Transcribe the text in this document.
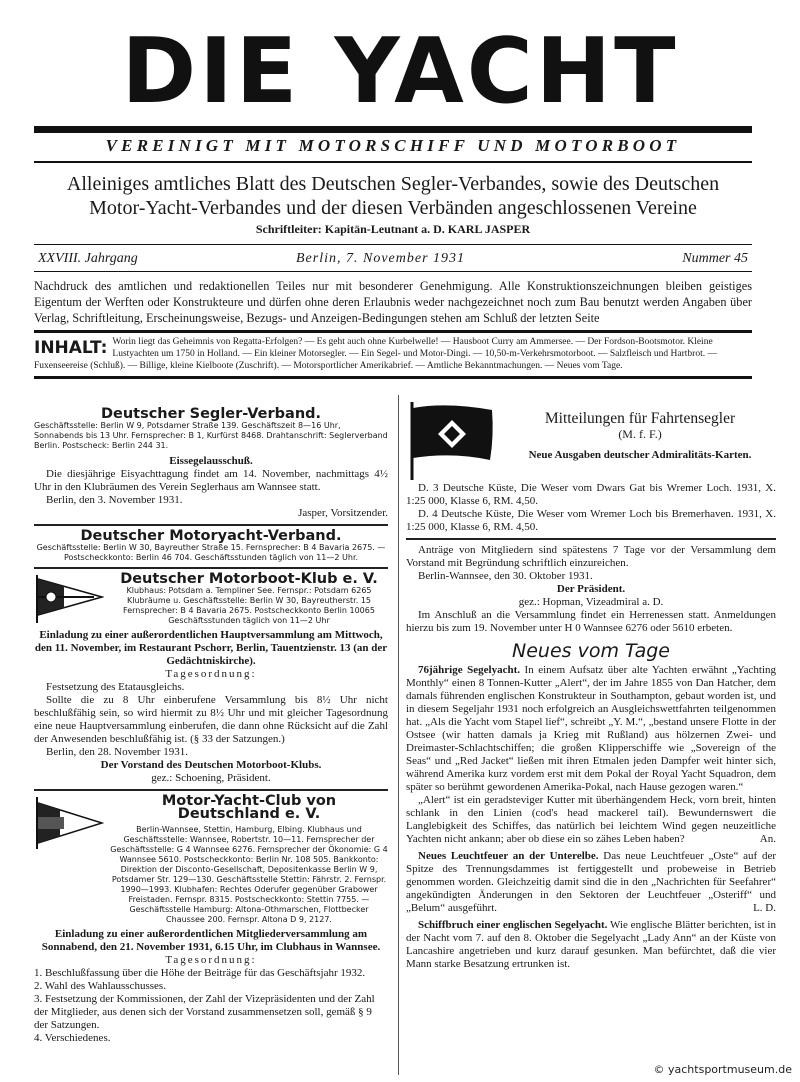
DIE YACHT
VEREINIGT MIT MOTORSCHIFF UND MOTORBOOT
Alleiniges amtliches Blatt des Deutschen Segler-Verbandes, sowie des Deutschen
Motor-Yacht-Verbandes und der diesen Verbänden angeschlossenen Vereine
Schriftleiter: Kapitän-Leutnant a. D. KARL JASPER
XXVIII. Jahrgang	Berlin, 7. November 1931	Nummer 45
Nachdruck des amtlichen und redaktionellen Teiles nur mit besonderer Genehmigung. Alle Konstruktionszeichnungen bleiben geistiges Eigentum der Werften oder Konstrukteure und dürfen ohne deren Erlaubnis weder nachgezeichnet noch zum Bau benutzt werden Angaben über Verlag, Schriftleitung, Erscheinungsweise, Bezugs- und Anzeigen-Bedingungen stehen am Schluß der letzten Seite
INHALT: Worin liegt das Geheimnis von Regatta-Erfolgen? — Es geht auch ohne Kurbelwelle! — Hausboot Curry am Ammersee. — Der Fordson-Bootsmotor. Kleine Lustyachten um 1750 in Holland. — Ein kleiner Motorsegler. — Ein Segel- und Motor-Dingi. — 10,50-m-Verkehrsmotorboot. — Salzfleisch und Hartbrot. — Fuxenseereise (Schluß). — Billige, kleine Kielboote (Zuschrift). — Motorsportlicher Amerikabrief. — Amtliche Bekanntmachungen. — Neues vom Tage.

Deutscher Segler-Verband.

Geschäftsstelle: Berlin W 9, Potsdamer Straße 139. Geschäftszeit 8—16 Uhr, Sonnabends bis 13 Uhr. Fernsprecher: B 1, Kurfürst 8468. Drahtanschrift: Seglerverband Berlin. Postscheck: Berlin 244 31.

Eissegelausschuß.

Die diesjährige Eisyachttagung findet am 14. November, nachmittags 4½ Uhr in den Klubräumen des Verein Seglerhaus am Wannsee statt.

Berlin, den 3. November 1931.

Jasper, Vorsitzender.

Deutscher Motoryacht-Verband.

Geschäftsstelle: Berlin W 30, Bayreuther Straße 15. Fernsprecher: B 4 Bavaria 2675. — Postscheckkonto: Berlin 46 704. Geschäftsstunden täglich von 11—2 Uhr.

Deutscher Motorboot-Klub e. V.

Klubhaus: Potsdam a. Templiner See. Fernspr.: Potsdam 6265 Klubräume u. Geschäftsstelle: Berlin W 30, Bayreutherstr. 15 Fernsprecher: B 4 Bavaria 2675. Postscheckkonto Berlin 10065 Geschäftsstunden täglich von 11—2 Uhr

Einladung zu einer außerordentlichen Hauptversammlung am Mittwoch, den 11. November, im Restaurant Pschorr, Berlin, Tauentzienstr. 13 (an der Gedächtniskirche).

Tagesordnung:

Festsetzung des Etatausgleichs.

Sollte die zu 8 Uhr einberufene Versammlung bis 8½ Uhr nicht beschlußfähig sein, so wird hiermit zu 8½ Uhr und mit gleicher Tagesordnung eine neue Hauptversammlung einberufen, die dann ohne Rücksicht auf die Zahl der Anwesenden beschlußfähig ist. (§ 33 der Satzungen.)

Berlin, den 28. November 1931.

Der Vorstand des Deutschen Motorboot-Klubs.

gez.: Schoening, Präsident.

Motor-Yacht-Club von Deutschland e. V.

Berlin-Wannsee, Stettin, Hamburg, Elbing. Klubhaus und Geschäftsstelle: Wannsee, Robertstr. 10—11. Fernsprecher der Geschäftsstelle: G 4 Wannsee 6276. Fernsprecher der Ökonomie: G 4 Wannsee 5610. Postscheckkonto: Berlin Nr. 108 505. Bankkonto: Direktion der Disconto-Gesellschaft, Depositenkasse Berlin W 9, Potsdamer Str. 129—130. Geschäftsstelle Stettin: Fährstr. 2. Fernspr. 1990—1993. Klubhafen: Rechtes Oderufer gegenüber Grabower Freistaden. Fernspr. 8315. Postscheckkonto: Stettin 7755. — Geschäftsstelle Hamburg: Altona-Othmarschen, Flottbecker Chaussee 200. Fernspr. Altona D 9, 2127.

Einladung zu einer außerordentlichen Mitgliederversammlung am Sonnabend, den 21. November 1931, 6.15 Uhr, im Clubhaus in Wannsee.

Tagesordnung:

1. Beschlußfassung über die Höhe der Beiträge für das Geschäftsjahr 1932.

2. Wahl des Wahlausschusses.

3. Festsetzung der Kommissionen, der Zahl der Vizepräsidenten und der Zahl der Mitglieder, aus denen sich der Vorstand zusammensetzen soll, gemäß § 9 der Satzungen.

4. Verschiedenes.

Mitteilungen für Fahrtensegler

(M. f. F.)

Neue Ausgaben deutscher Admiralitäts-Karten.

D. 3 Deutsche Küste, Die Weser vom Dwars Gat bis Wremer Loch. 1931, X. 1:25 000, Klasse 6, RM. 4,50.

D. 4 Deutsche Küste, Die Weser vom Wremer Loch bis Bremerhaven. 1931, X. 1:25 000, Klasse 6, RM. 4,50.

Anträge von Mitgliedern sind spätestens 7 Tage vor der Versammlung dem Vorstand mit Begründung schriftlich einzureichen.

Berlin-Wannsee, den 30. Oktober 1931.

Der Präsident.

gez.: Hopman, Vizeadmiral a. D.

Im Anschluß an die Versammlung findet ein Herrenessen statt. Anmeldungen hierzu bis zum 19. November unter H 0 Wannsee 6276 oder 5610 erbeten.

Neues vom Tage

76jährige Segelyacht. In einem Aufsatz über alte Yachten erwähnt „Yachting Monthly“ einen 8 Tonnen-Kutter „Alert“, der im Jahre 1855 von Dan Hatcher, dem damals führenden englischen Konstrukteur in Southampton, gebaut worden ist, und in diesem Segeljahr 1931 noch erfolgreich an Ausgleichswettfahrten teilgenommen hat. „Als die Yacht vom Stapel lief“, schreibt „Y. M.“, „bestand unsere Flotte in der Ostsee (wir hatten damals ja Krieg mit Rußland) aus hölzernen Zwei- und Dreimaster-Schlachtschiffen; die großen Klipperschiffe wie „Sovereign of the Seas“ und „Red Jacket“ ließen mit ihren Etmalen jeden Dampfer weit hinter sich, während Amerika kurz vordem erst mit dem Pokal der Royal Yacht Squadron, dem später so berühmt gewordenen Amerika-Pokal, nach Hause gezogen waren.“

„Alert“ ist ein geradsteviger Kutter mit überhängendem Heck, vorn breit, hinten schlank in den Linien (cod's head mackerel tail). Bewundernswert die Langlebigkeit des Schiffes, das natürlich bei leichtem Wind gegen neuzeitliche Yachten nicht ankann; aber ob diese ein so zähes Leben haben?	An.

Neues Leuchtfeuer an der Unterelbe. Das neue Leuchtfeuer „Oste“ auf der Spitze des Trennungsdammes ist fertiggestellt und probeweise in Betrieb genommen worden. Gleichzeitig damit sind die in den „Nachrichten für Seefahrer“ angekündigten Änderungen in den Sektoren der Leuchtfeuer „Osteriff“ und „Belum“ ausgeführt.	L. D.

Schiffbruch einer englischen Segelyacht. Wie englische Blätter berichten, ist in der Nacht vom 7. auf den 8. Oktober die Segelyacht „Lady Ann“ an der Küste von Lancashire angetrieben und kurz darauf gesunken. Man befürchtet, daß die vier Mann starke Besatzung ertrunken ist.

© yachtsportmuseum.de
